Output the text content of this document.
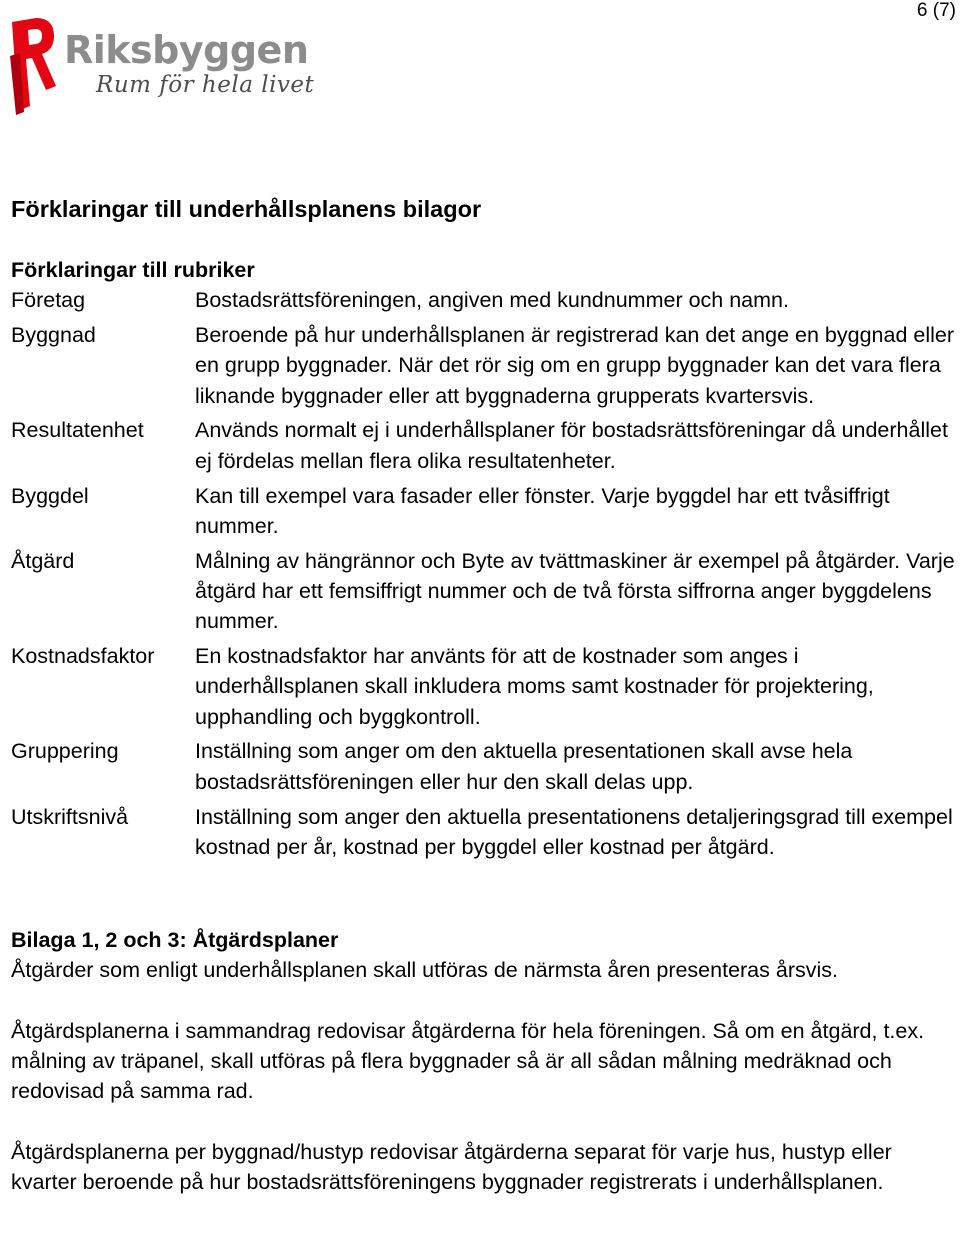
6 (7)
Riksbyggen
Rum för hela livet
Förklaringar till underhållsplanens bilagor
Förklaringar till rubriker
Företag	Bostadsrättsföreningen, angiven med kundnummer och namn.
Byggnad	Beroende på hur underhållsplanen är registrerad kan det ange en byggnad eller en grupp byggnader. När det rör sig om en grupp byggnader kan det vara flera liknande byggnader eller att byggnaderna grupperats kvartersvis.
Resultatenhet	Används normalt ej i underhållsplaner för bostadsrättsföreningar då underhållet ej fördelas mellan flera olika resultatenheter.
Byggdel	Kan till exempel vara fasader eller fönster. Varje byggdel har ett tvåsiffrigt nummer.
Åtgärd	Målning av hängrännor och Byte av tvättmaskiner är exempel på åtgärder. Varje åtgärd har ett femsiffrigt nummer och de två första siffrorna anger byggdelens nummer.
Kostnadsfaktor	En kostnadsfaktor har använts för att de kostnader som anges i underhållsplanen skall inkludera moms samt kostnader för projektering, upphandling och byggkontroll.
Gruppering	Inställning som anger om den aktuella presentationen skall avse hela bostadsrättsföreningen eller hur den skall delas upp.
Utskriftsnivå	Inställning som anger den aktuella presentationens detaljeringsgrad till exempel kostnad per år, kostnad per byggdel eller kostnad per åtgärd.
Bilaga 1, 2 och 3: Åtgärdsplaner

Åtgärder som enligt underhållsplanen skall utföras de närmsta åren presenteras årsvis.

Åtgärdsplanerna i sammandrag redovisar åtgärderna för hela föreningen. Så om en åtgärd, t.ex. målning av träpanel, skall utföras på flera byggnader så är all sådan målning medräknad och redovisad på samma rad.

Åtgärdsplanerna per byggnad/hustyp redovisar åtgärderna separat för varje hus, hustyp eller kvarter beroende på hur bostadsrättsföreningens byggnader registrerats i underhållsplanen.
